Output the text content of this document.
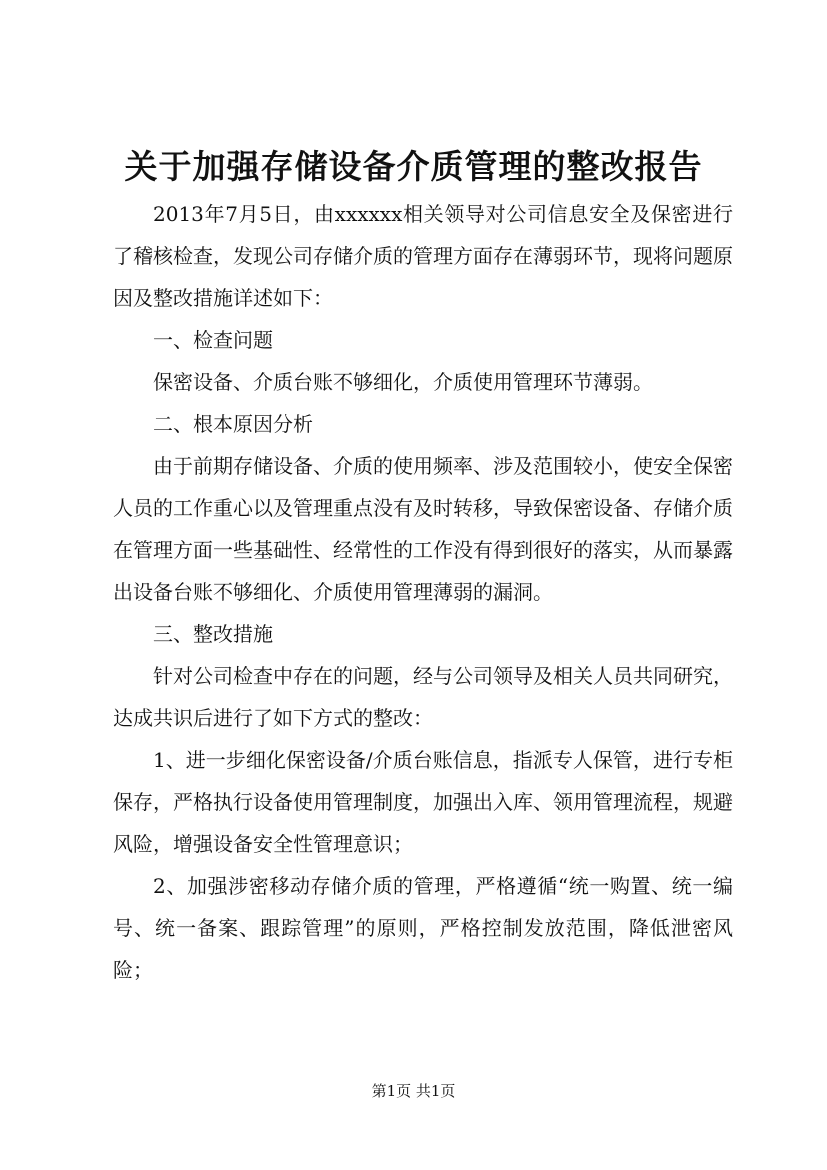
关于加强存储设备介质管理的整改报告

2013年7月5日，由xxxxxx相关领导对公司信息安全及保密进行了稽核检查，发现公司存储介质的管理方面存在薄弱环节，现将问题原因及整改措施详述如下：

一、检查问题

保密设备、介质台账不够细化，介质使用管理环节薄弱。

二、根本原因分析

由于前期存储设备、介质的使用频率、涉及范围较小，使安全保密人员的工作重心以及管理重点没有及时转移，导致保密设备、存储介质在管理方面一些基础性、经常性的工作没有得到很好的落实，从而暴露出设备台账不够细化、介质使用管理薄弱的漏洞。

三、整改措施

针对公司检查中存在的问题，经与公司领导及相关人员共同研究，达成共识后进行了如下方式的整改：

1、进一步细化保密设备/介质台账信息，指派专人保管，进行专柜保存，严格执行设备使用管理制度，加强出入库、领用管理流程，规避风险，增强设备安全性管理意识；

2、加强涉密移动存储介质的管理，严格遵循“统一购置、统一编号、统一备案、跟踪管理”的原则，严格控制发放范围，降低泄密风险；

第1页 共1页
